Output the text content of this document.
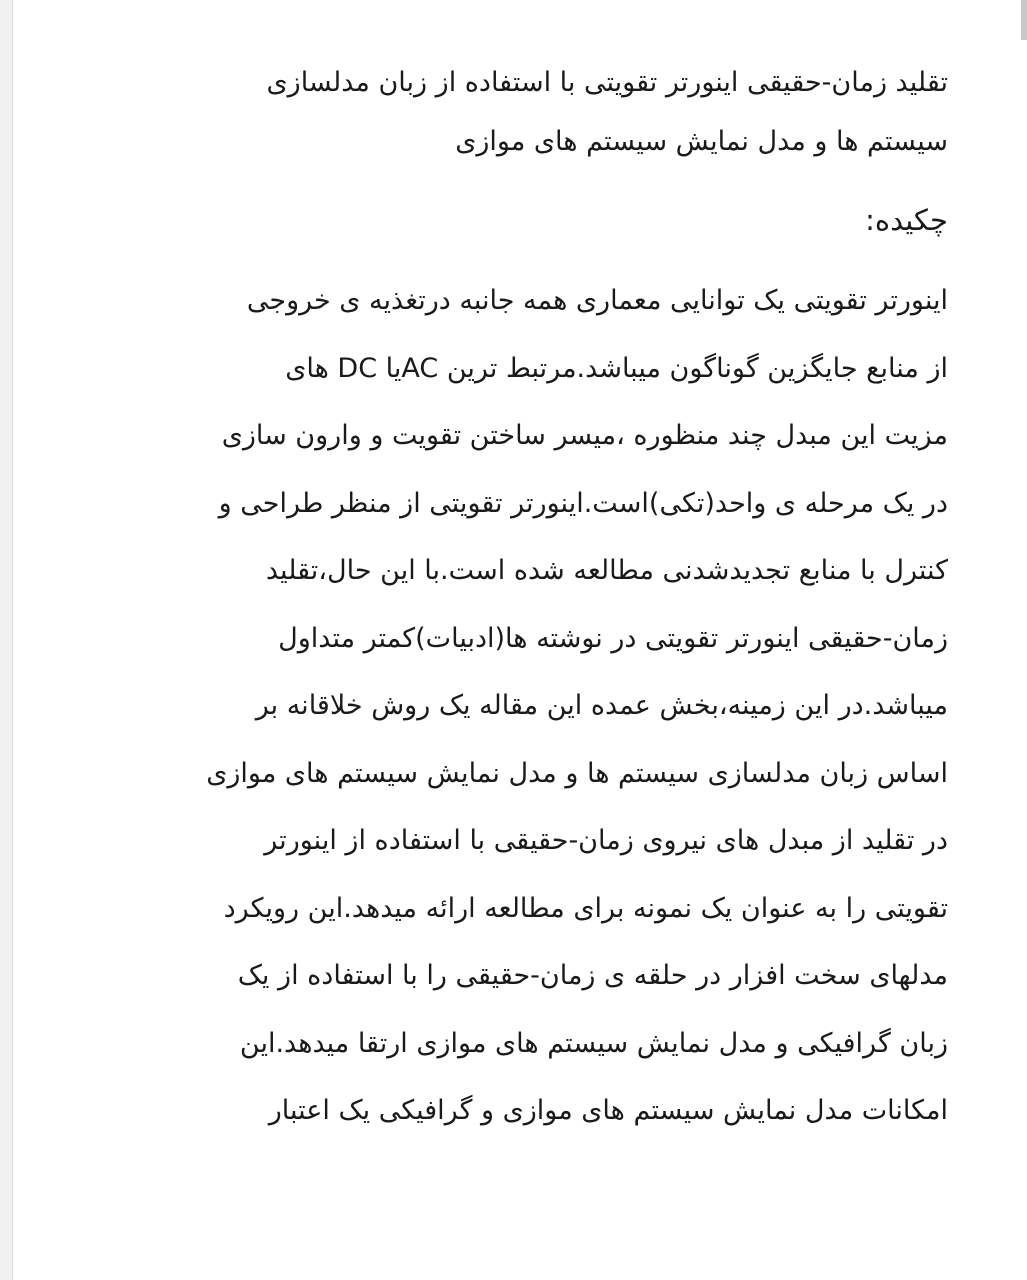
تقلید زمان-حقیقی اینورتر تقویتی با استفاده از زبان مدلسازی
سیستم ها و مدل نمایش سیستم های موازی
چکیده:
اینورتر تقویتی یک توانایی معماری همه جانبه درتغذیه ی خروجی
از منابع جایگزین گوناگون میباشد.مرتبط ترین ACیا DC های
مزیت این مبدل چند منظوره ،میسر ساختن تقویت و وارون سازی
در یک مرحله ی واحد(تکی)است.اینورتر تقویتی از منظر طراحی و
کنترل با منابع تجدیدشدنی مطالعه شده است.با این حال،تقلید
زمان-حقیقی اینورتر تقویتی در نوشته ها(ادبیات)کمتر متداول
میباشد.در این زمینه،بخش عمده این مقاله یک روش خلاقانه بر
اساس زبان مدلسازی سیستم ها و مدل نمایش سیستم های موازی
در تقلید از مبدل های نیروی زمان-حقیقی با استفاده از اینورتر
تقویتی را به عنوان یک نمونه برای مطالعه ارائه میدهد.این رویکرد
مدلهای سخت افزار در حلقه ی زمان-حقیقی را با استفاده از یک
زبان گرافیکی و مدل نمایش سیستم های موازی ارتقا میدهد.این
امکانات مدل نمایش سیستم های موازی و گرافیکی یک اعتبار
